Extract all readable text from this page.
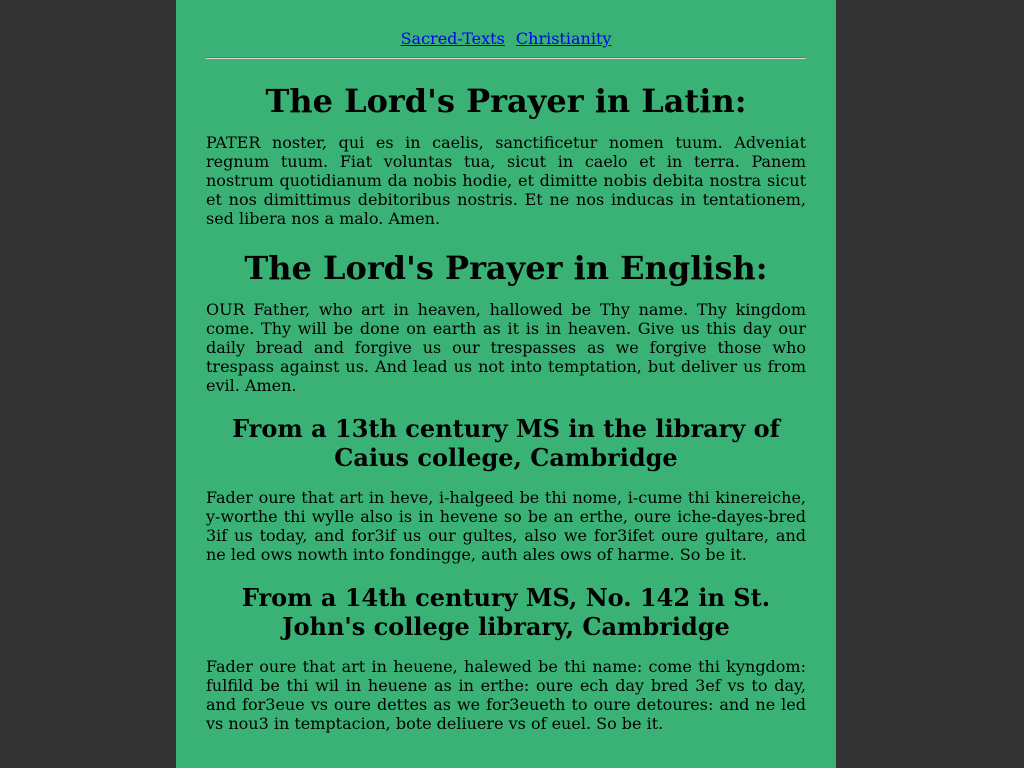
Sacred-Texts Christianity
The Lord's Prayer in Latin:

PATER noster, qui es in caelis, sanctificetur nomen tuum. Adveniat regnum tuum. Fiat voluntas tua, sicut in caelo et in terra. Panem nostrum quotidianum da nobis hodie, et dimitte nobis debita nostra sicut et nos dimittimus debitoribus nostris. Et ne nos inducas in tentationem, sed libera nos a malo. Amen.

The Lord's Prayer in English:

OUR Father, who art in heaven, hallowed be Thy name. Thy kingdom come. Thy will be done on earth as it is in heaven. Give us this day our daily bread and forgive us our trespasses as we forgive those who trespass against us. And lead us not into temptation, but deliver us from evil. Amen.

From a 13th century MS in the library of Caius college, Cambridge

Fader oure that art in heve, i-halgeed be thi nome, i-cume thi kinereiche, y-worthe thi wylle also is in hevene so be an erthe, oure iche-dayes-bred 3if us today, and for3if us our gultes, also we for3ifet oure gultare, and ne led ows nowth into fondingge, auth ales ows of harme. So be it.

From a 14th century MS, No. 142 in St. John's college library, Cambridge

Fader oure that art in heuene, halewed be thi name: come thi kyngdom: fulfild be thi wil in heuene as in erthe: oure ech day bred 3ef vs to day, and for3eue vs oure dettes as we for3eueth to oure detoures: and ne led vs nou3 in temptacion, bote deliuere vs of euel. So be it.
